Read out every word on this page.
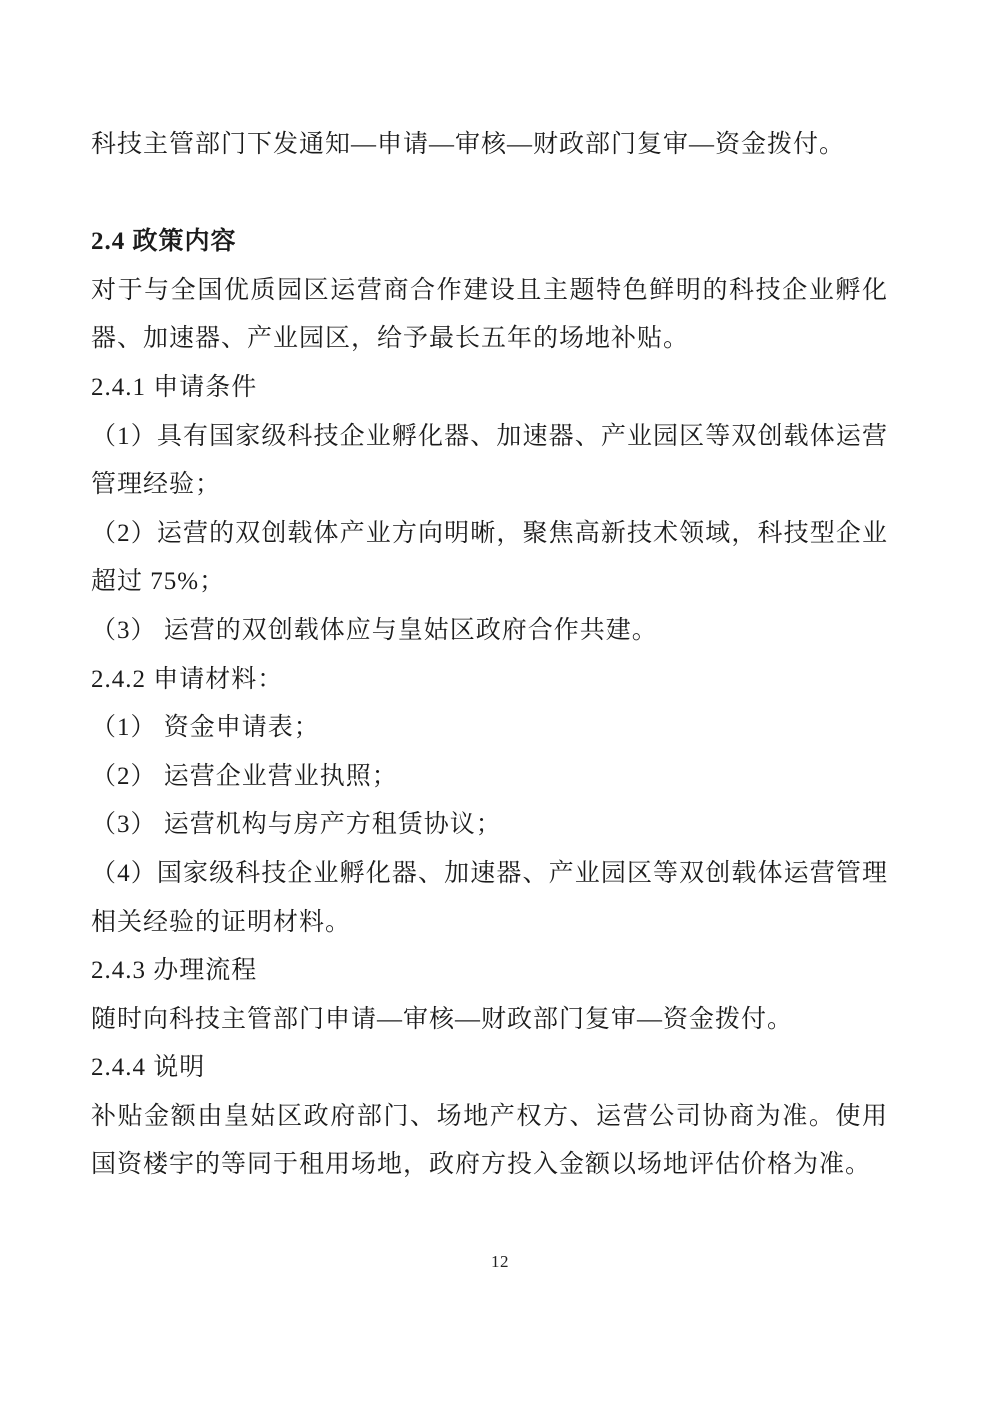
科技主管部门下发通知—申请—审核—财政部门复审—资金拨付。
2.4 政策内容
对于与全国优质园区运营商合作建设且主题特色鲜明的科技企业孵化
器、加速器、产业园区，给予最长五年的场地补贴。
2.4.1 申请条件
（1）具有国家级科技企业孵化器、加速器、产业园区等双创载体运营
管理经验；
（2）运营的双创载体产业方向明晰，聚焦高新技术领域，科技型企业
超过 75%；
（3） 运营的双创载体应与皇姑区政府合作共建。
2.4.2 申请材料：
（1） 资金申请表；
（2） 运营企业营业执照；
（3） 运营机构与房产方租赁协议；
（4）国家级科技企业孵化器、加速器、产业园区等双创载体运营管理
相关经验的证明材料。
2.4.3 办理流程
随时向科技主管部门申请—审核—财政部门复审—资金拨付。
2.4.4 说明
补贴金额由皇姑区政府部门、场地产权方、运营公司协商为准。使用
国资楼宇的等同于租用场地，政府方投入金额以场地评估价格为准。
12
